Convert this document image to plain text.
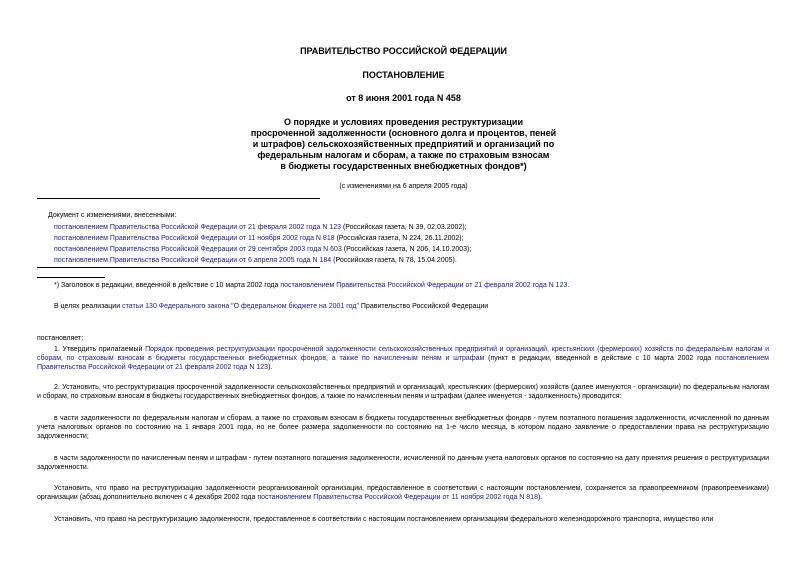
ПРАВИТЕЛЬСТВО РОССИЙСКОЙ ФЕДЕРАЦИИ
ПОСТАНОВЛЕНИЕ
от 8 июня 2001 года N 458
О порядке и условиях проведения реструктуризации
просроченной задолженности (основного долга и процентов, пеней
и штрафов) сельскохозяйственных предприятий и организаций по
федеральным налогам и сборам, а также по страховым взносам
в бюджеты государственных внебюджетных фондов*)
(с изменениями на 6 апреля 2005 года)
Документ с изменениями, внесенными:
постановлением Правительства Российской Федерации от 21 февраля 2002 года N 123 (Российская газета, N 39, 02.03.2002);
постановлением Правительства Российской Федерации от 11 ноября 2002 года N 818 (Российская газета, N 224, 26.11.2002);
постановлением Правительства Российской Федерации от 29 сентября 2003 года N 603 (Российская газета, N 206, 14.10.2003);
постановлением Правительства Российской Федерации от 6 апреля 2005 года N 184 (Российская газета, N 78, 15.04.2005).
*) Заголовок в редакции, введенной в действие с 10 марта 2002 года постановлением Правительства Российской Федерации от 21 февраля 2002 года N 123.
В целях реализации статьи 130 Федерального закона "О федеральном бюджете на 2001 год" Правительство Российской Федерации
постановляет:
1. Утвердить прилагаемый Порядок проведения реструктуризации просроченной задолженности сельскохозяйственных предприятий и организаций, крестьянских (фермерских) хозяйств по федеральным налогам и сборам, по страховым взносам в бюджеты государственных внебюджетных фондов, а также по начисленным пеням и штрафам (пункт в редакции, введенной в действие с 10 марта 2002 года постановлением Правительства Российской Федерации от 21 февраля 2002 года N 123).
2. Установить, что реструктуризация просроченной задолженности сельскохозяйственных предприятий и организаций, крестьянских (фермерских) хозяйств (далее именуются - организации) по федеральным налогам и сборам, по страховым взносам в бюджеты государственных внебюджетных фондов, а также по начисленным пеням и штрафам (далее именуется - задолженность) проводится:
в части задолженности по федеральным налогам и сборам, а также по страховым взносам в бюджеты государственных внебюджетных фондов - путем поэтапного погашения задолженности, исчисленной по данным учета налоговых органов по состоянию на 1 января 2001 года, но не более размера задолженности по состоянию на 1-е число месяца, в котором подано заявление о предоставлении права на реструктуризацию задолженности;
в части задолженности по начисленным пеням и штрафам - путем поэтапного погашения задолженности, исчисленной по данным учета налоговых органов по состоянию на дату принятия решения о реструктуризации задолженности.
Установить, что право на реструктуризацию задолженности реорганизованной организации, предоставленное в соответствии с настоящим постановлением, сохраняется за правопреемником (правопреемниками) организации (абзац дополнительно включен с 4 декабря 2002 года постановлением Правительства Российской Федерации от 11 ноября 2002 года N 818).
Установить, что право на реструктуризацию задолженности, предоставленное в соответствии с настоящим постановлением организациям федерального железнодорожного транспорта, имущество или
